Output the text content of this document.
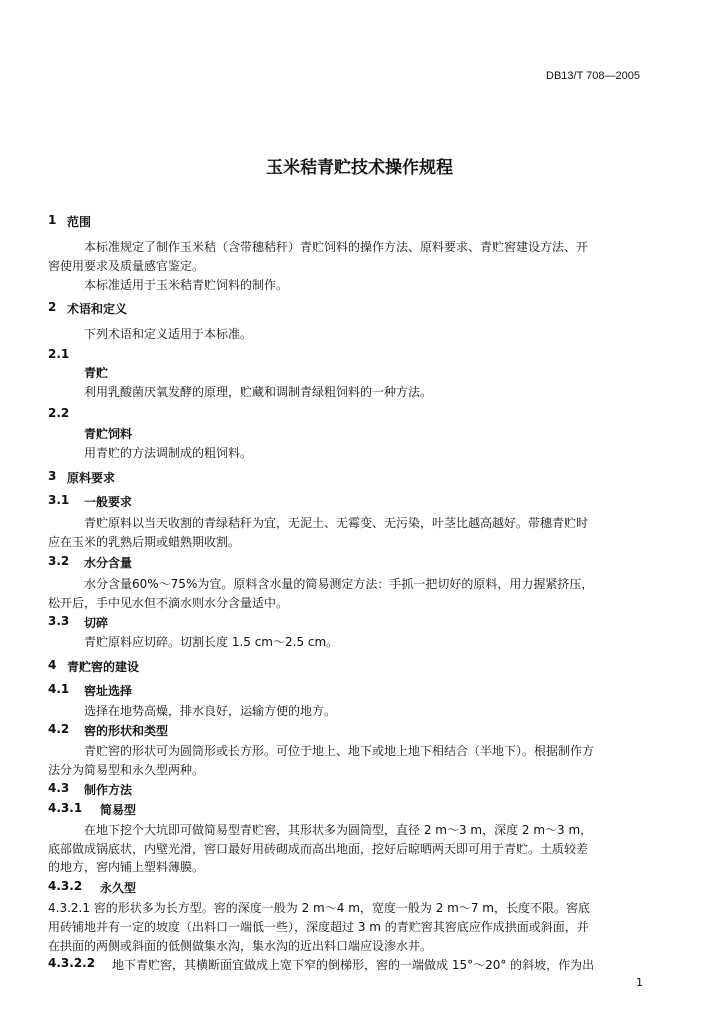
DB13/T 708—2005
玉米秸青贮技术操作规程
1 范围
本标准规定了制作玉米秸（含带穗秸秆）青贮饲料的操作方法、原料要求、青贮窖建设方法、开
窖使用要求及质量感官鉴定。
本标准适用于玉米秸青贮饲料的制作。
2 术语和定义
下列术语和定义适用于本标准。
2.1
青贮
利用乳酸菌厌氧发酵的原理，贮藏和调制青绿粗饲料的一种方法。
2.2
青贮饲料
用青贮的方法调制成的粗饲料。
3 原料要求
3.1 一般要求
青贮原料以当天收割的青绿秸秆为宜，无泥土、无霉变、无污染，叶茎比越高越好。带穗青贮时
应在玉米的乳熟后期或蜡熟期收割。
3.2 水分含量
水分含量60%～75%为宜。原料含水量的简易测定方法：手抓一把切好的原料，用力握紧挤压，
松开后，手中见水但不滴水则水分含量适中。
3.3 切碎
青贮原料应切碎。切割长度 1.5 cm～2.5 cm。
4 青贮窖的建设
4.1 窖址选择
选择在地势高燥，排水良好，运输方便的地方。
4.2 窖的形状和类型
青贮窖的形状可为圆筒形或长方形。可位于地上、地下或地上地下相结合（半地下）。根据制作方
法分为简易型和永久型两种。
4.3 制作方法
4.3.1 简易型
在地下挖个大坑即可做简易型青贮窖，其形状多为圆筒型，直径 2 m～3 m，深度 2 m～3 m，
底部做成锅底状，内壁光滑，窖口最好用砖砌成而高出地面，挖好后晾晒两天即可用于青贮。土质较差
的地方，窖内铺上塑料薄膜。
4.3.2 永久型
4.3.2.1 窖的形状多为长方型。窖的深度一般为 2 m～4 m，宽度一般为 2 m～7 m，长度不限。窖底
用砖铺地并有一定的坡度（出料口一端低一些），深度超过 3 m 的青贮窖其窖底应作成拱面或斜面，并
在拱面的两侧或斜面的低侧做集水沟，集水沟的近出料口端应设渗水井。
4.3.2.2 地下青贮窖，其横断面宜做成上宽下窄的倒梯形，窖的一端做成 15°～20° 的斜坡，作为出
1
